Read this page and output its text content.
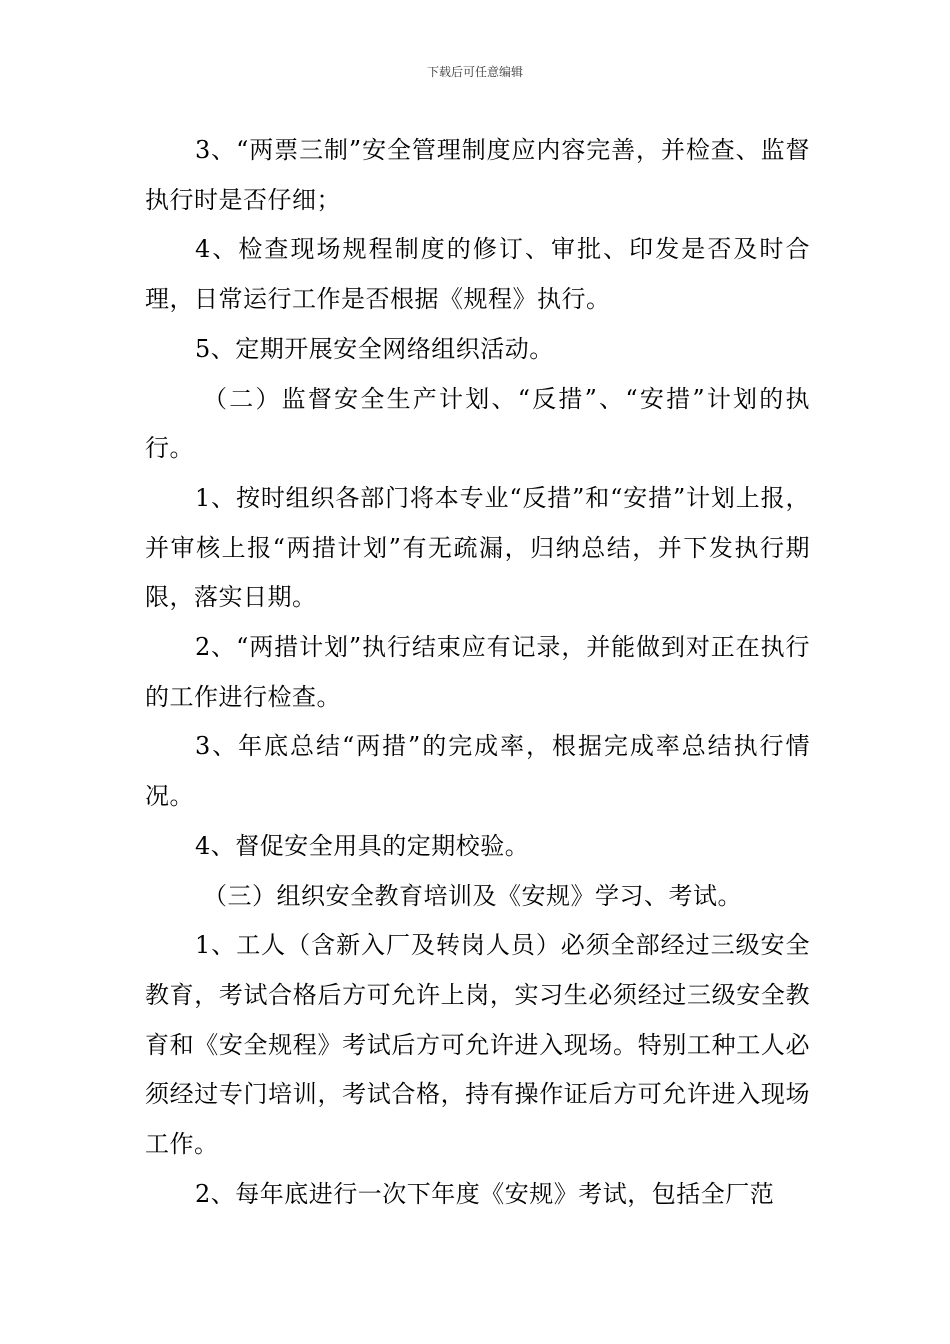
下载后可任意编辑

3、“两票三制”安全管理制度应内容完善，并检查、监督执行时是否仔细；

4、检查现场规程制度的修订、审批、印发是否及时合理，日常运行工作是否根据《规程》执行。

5、定期开展安全网络组织活动。

（二）监督安全生产计划、“反措”、“安措”计划的执行。

1、按时组织各部门将本专业“反措”和“安措”计划上报，并审核上报“两措计划”有无疏漏，归纳总结，并下发执行期限，落实日期。

2、“两措计划”执行结束应有记录，并能做到对正在执行的工作进行检查。

3、年底总结“两措”的完成率，根据完成率总结执行情况。

4、督促安全用具的定期校验。

（三）组织安全教育培训及《安规》学习、考试。

1、工人（含新入厂及转岗人员）必须全部经过三级安全教育，考试合格后方可允许上岗，实习生必须经过三级安全教育和《安全规程》考试后方可允许进入现场。特别工种工人必须经过专门培训，考试合格，持有操作证后方可允许进入现场工作。

2、每年底进行一次下年度《安规》考试，包括全厂范
